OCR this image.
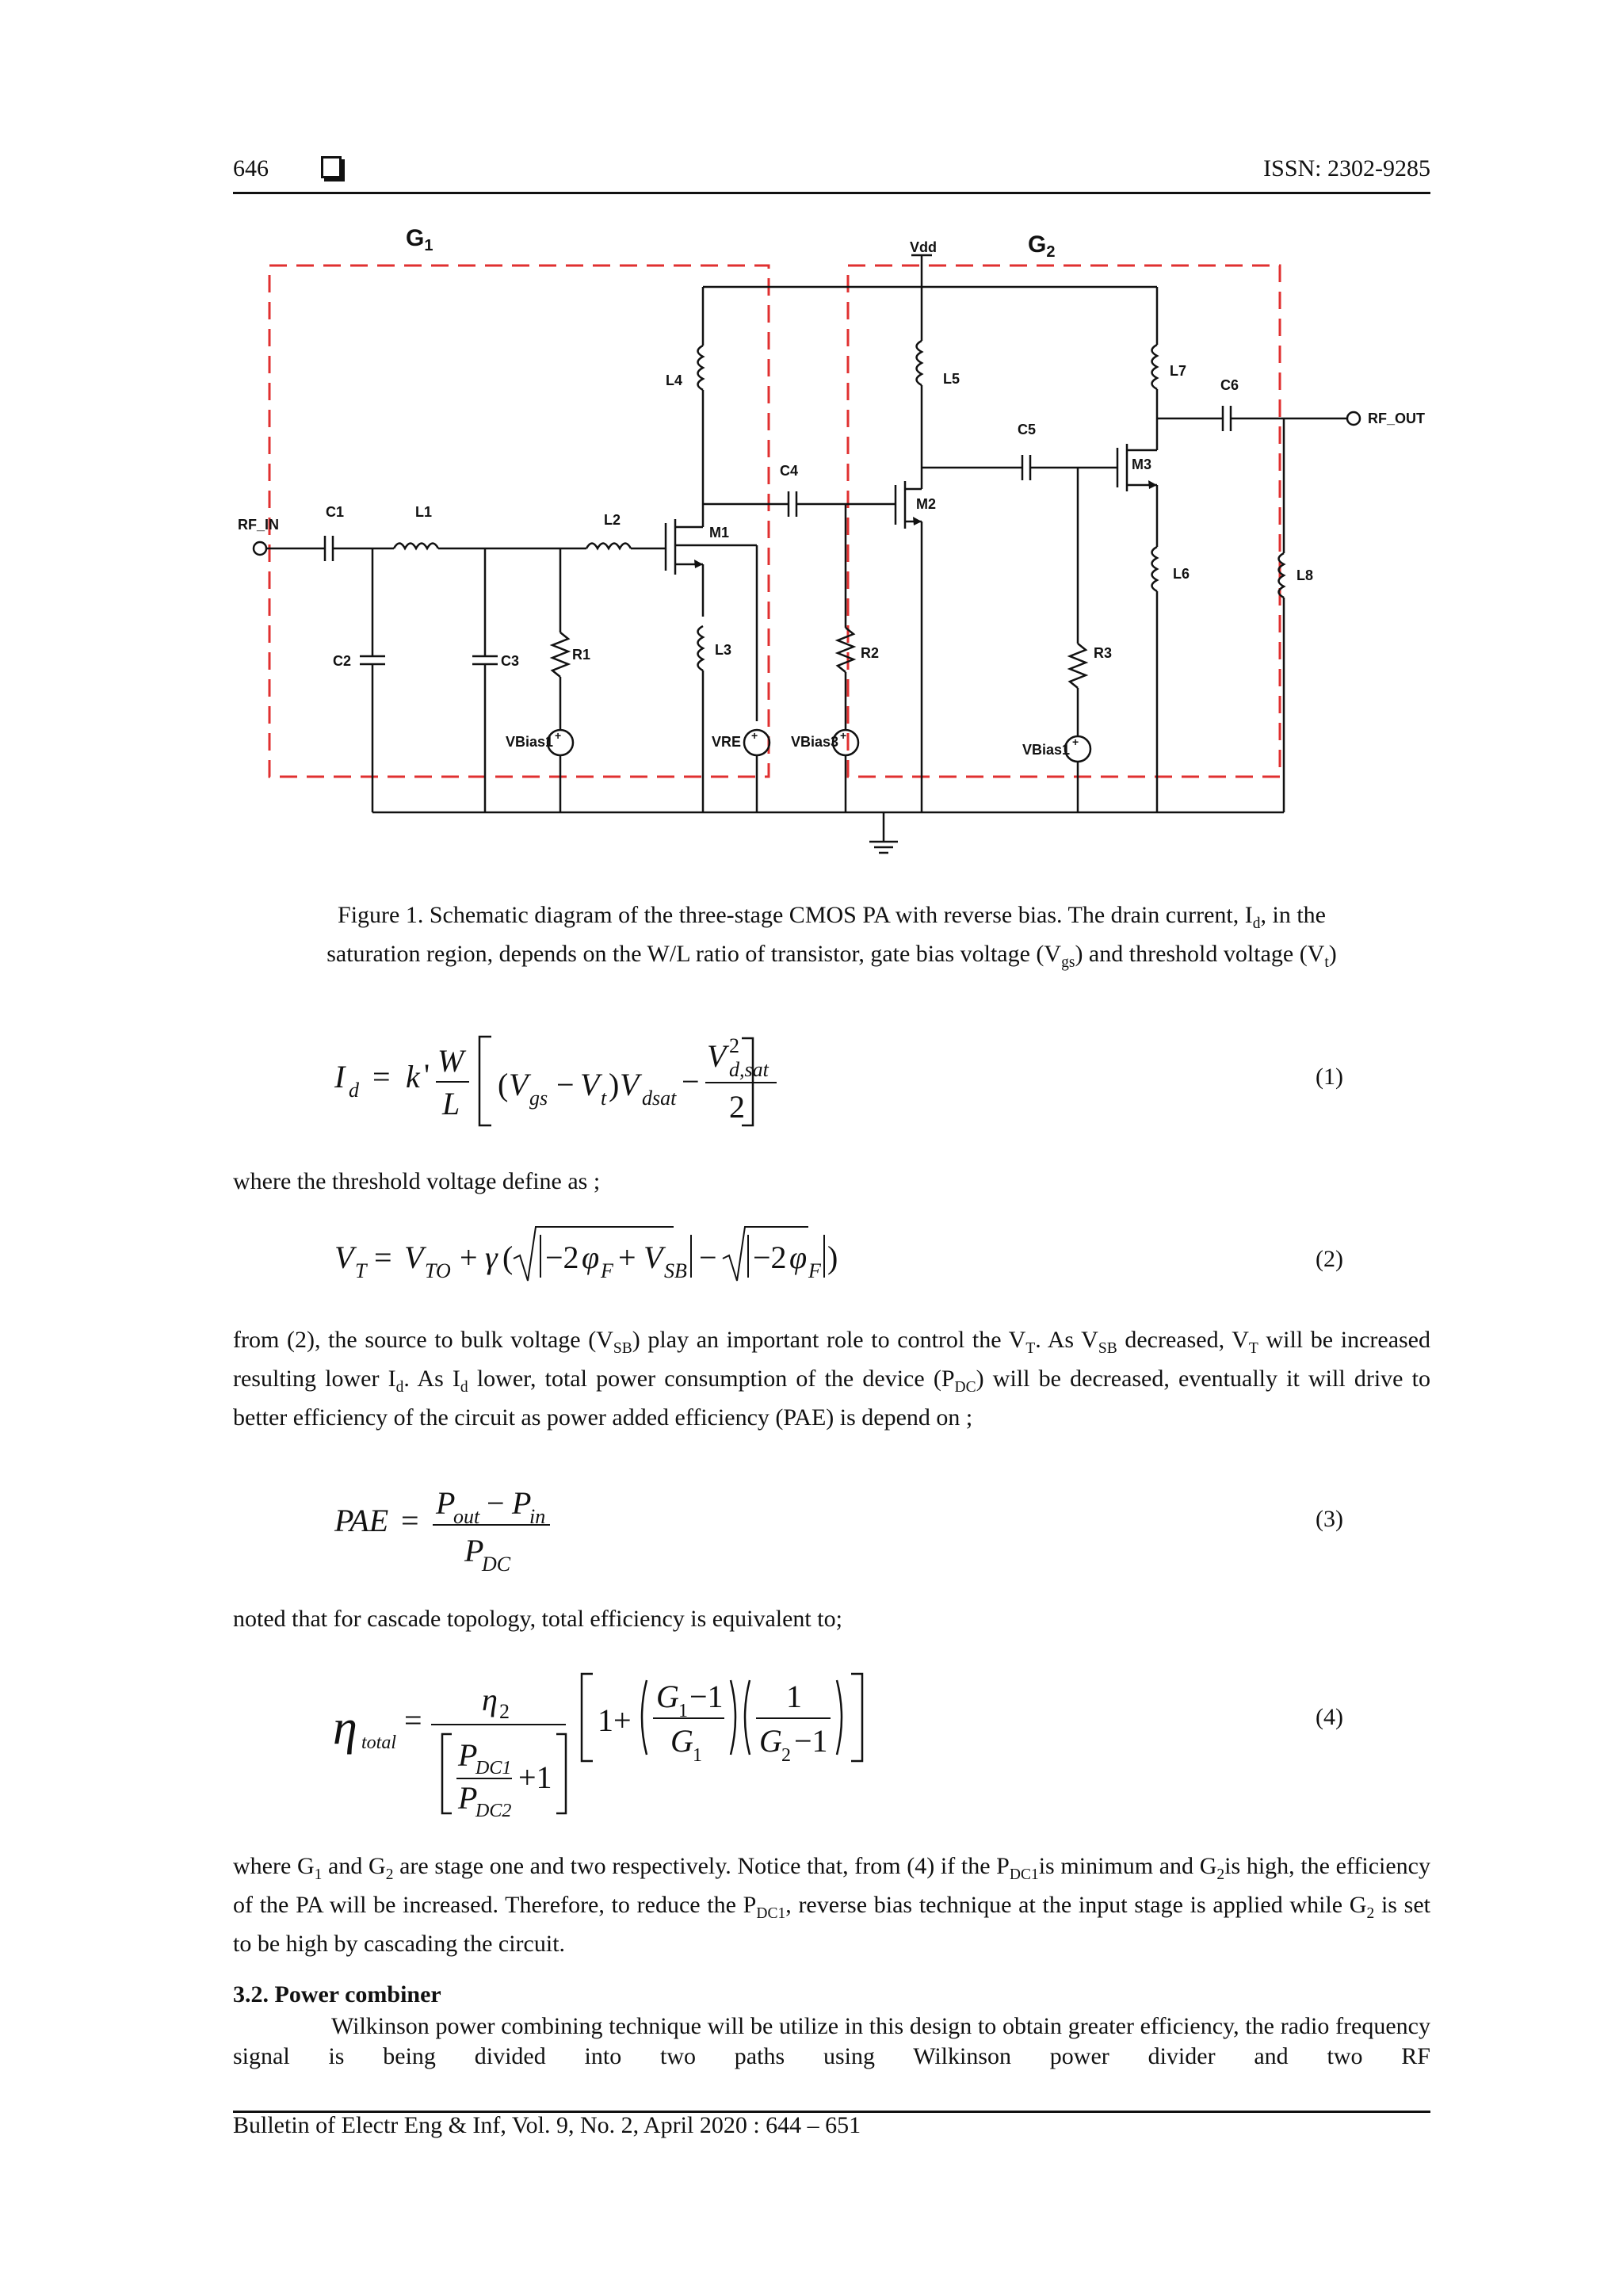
646	ISSN: 2302-9285
$G_1$	$G_2$
+	+	+	+
Vdd
RF_IN
RF_OUT
C1	L1	L2
C2	C3	R1
M1
L3
L4
C4
R2
L5
M2
C5
R3
M3
L7
C6
L6	L8
VBias1	VRE	VBias3	VBias1
Figure 1. Schematic diagram of the three-stage CMOS PA with reverse bias. The drain current, $I_d$, in the
saturation region, depends on the W/L ratio of transistor, gate bias voltage $(V_{gs})$ and threshold voltage $(V_t)$
I d = k ' W
L
( V gs − V t ) V dsat −
V 2
d,sat
2
(1)
where the threshold voltage define as ;
V T = V TO + γ ( −2 φ F + V SB − −2 φ F )	(2)
from (2), the source to bulk voltage $(V_{SB})$ play an important role to control the $V_T$. As $V_{SB}$ decreased, $V_T$ will be increased resulting lower $I_d$. As $I_d$ lower, total power consumption of the device $(P_{DC})$ will be decreased, eventually it will drive to better efficiency of the circuit as power added efficiency (PAE) is depend on ;
PAE = P
out − P
in
P
DC
(3)
noted that for cascade topology, total efficiency is equivalent to;
η total
=
η 2
P
DC1
P
DC2
+1
1+
G 1 −1
G 1
1
G 2 −1
(4)
where $G_1$ and $G_2$ are stage one and two respectively. Notice that, from (4) if the $P_{DC1}is$ minimum and $G_2is$ high, the efficiency of the PA will be increased. Therefore, to reduce the $P_{DC1}$, reverse bias technique at the input stage is applied while $G_2$ is set to be high by cascading the circuit.
3.2. Power combiner
Wilkinson power combining technique will be utilize in this design to obtain greater efficiency, the radio frequency signal is being divided into two paths using Wilkinson power divider and two RF
Bulletin of Electr Eng & Inf, Vol. 9, No. 2, April 2020 : 644 – 651
